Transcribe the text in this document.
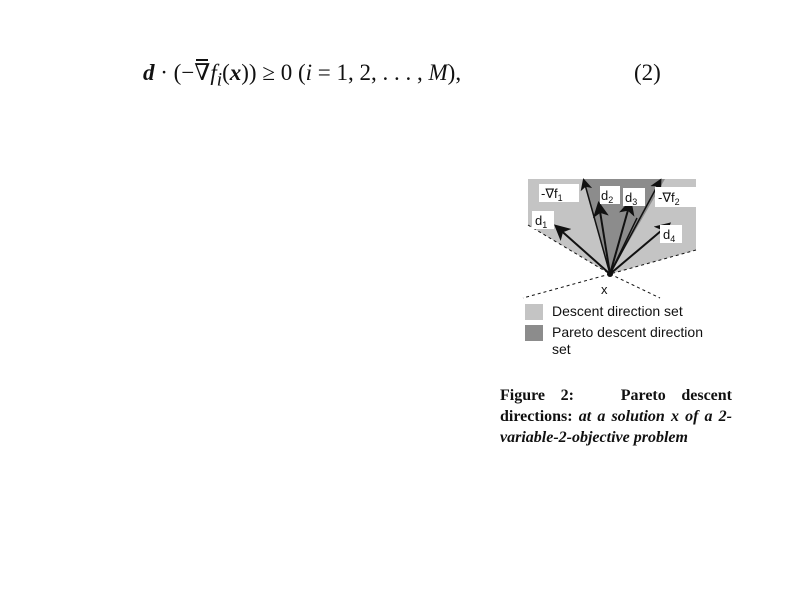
d · (−
$\nabla f_i(x)) \ge 0$ (i = 1, 2, . . . , M),	(2)
$-\nabla f_1$
$d_1$
$d_2$ $d_3$ $-\nabla f_2$
$d_4$
x
Descent direction set
Pareto descent direction set
Figure 2:	Pareto descent directions: at a solution x of a 2-variable-2-objective problem
